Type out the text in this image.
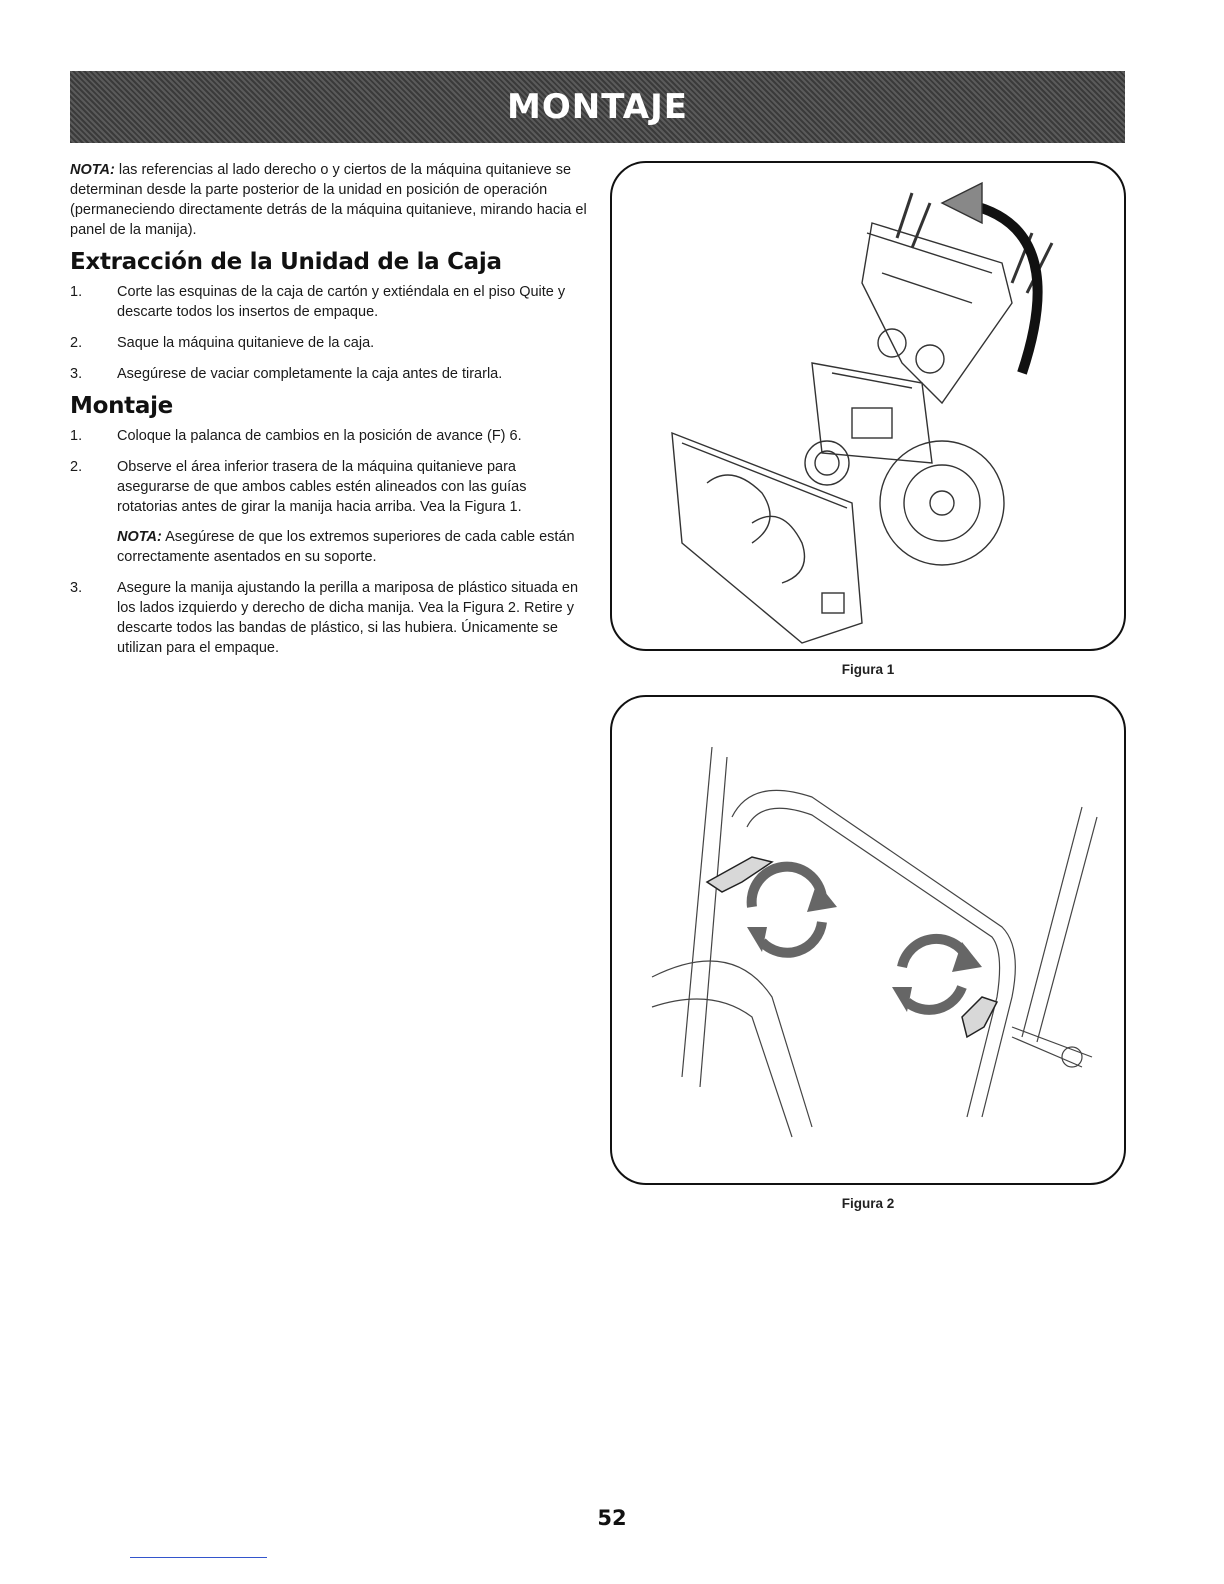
MONTAJE

NOTA: las referencias al lado derecho o y ciertos de la máquina quitanieve se determinan desde la parte posterior de la unidad en posición de operación (permaneciendo directamente detrás de la máquina quitanieve, mirando hacia el panel de la manija).

Extracción de la Unidad de la Caja
1.	Corte las esquinas de la caja de cartón y extiéndala en el piso Quite y descarte todos los insertos de empaque.
2.	Saque la máquina quitanieve de la caja.
3.	Asegúrese de vaciar completamente la caja antes de tirarla.
Montaje
1.	Coloque la palanca de cambios en la posición de avance (F) 6.
2.	Observe el área inferior trasera de la máquina quitanieve para asegurarse de que ambos cables estén alineados con las guías rotatorias antes de girar la manija hacia arriba. Vea la Figura 1.

NOTA: Asegúrese de que los extremos superiores de cada cable están correctamente asentados en su soporte.

3.	Asegure la manija ajustando la perilla a mariposa de plástico situada en los lados izquierdo y derecho de dicha manija. Vea la Figura 2. Retire y descarte todos las bandas de plástico, si las hubiera. Únicamente se utilizan para el empaque.
Figura 1
Figura 2
52
